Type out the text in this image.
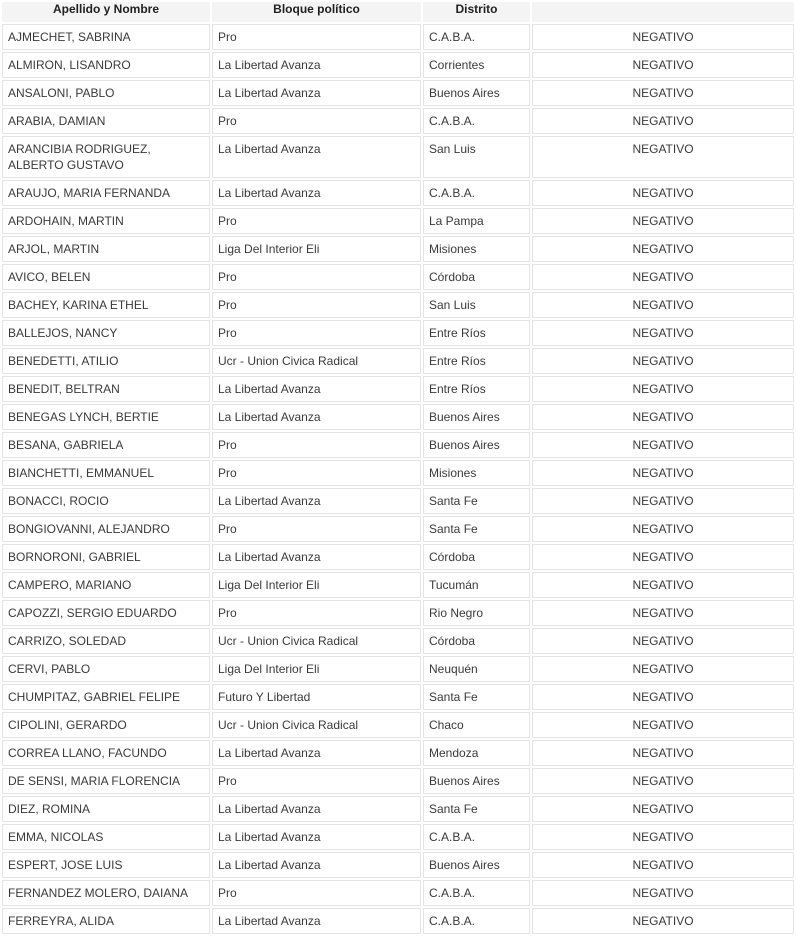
Apellido y Nombre	Bloque político	Distrito	
AJMECHET, SABRINA	Pro	C.A.B.A.	NEGATIVO
ALMIRON, LISANDRO	La Libertad Avanza	Corrientes	NEGATIVO
ANSALONI, PABLO	La Libertad Avanza	Buenos Aires	NEGATIVO
ARABIA, DAMIAN	Pro	C.A.B.A.	NEGATIVO
ARANCIBIA RODRIGUEZ, ALBERTO GUSTAVO	La Libertad Avanza	San Luis	NEGATIVO
ARAUJO, MARIA FERNANDA	La Libertad Avanza	C.A.B.A.	NEGATIVO
ARDOHAIN, MARTIN	Pro	La Pampa	NEGATIVO
ARJOL, MARTIN	Liga Del Interior Eli	Misiones	NEGATIVO
AVICO, BELEN	Pro	Córdoba	NEGATIVO
BACHEY, KARINA ETHEL	Pro	San Luis	NEGATIVO
BALLEJOS, NANCY	Pro	Entre Ríos	NEGATIVO
BENEDETTI, ATILIO	Ucr - Union Civica Radical	Entre Ríos	NEGATIVO
BENEDIT, BELTRAN	La Libertad Avanza	Entre Ríos	NEGATIVO
BENEGAS LYNCH, BERTIE	La Libertad Avanza	Buenos Aires	NEGATIVO
BESANA, GABRIELA	Pro	Buenos Aires	NEGATIVO
BIANCHETTI, EMMANUEL	Pro	Misiones	NEGATIVO
BONACCI, ROCIO	La Libertad Avanza	Santa Fe	NEGATIVO
BONGIOVANNI, ALEJANDRO	Pro	Santa Fe	NEGATIVO
BORNORONI, GABRIEL	La Libertad Avanza	Córdoba	NEGATIVO
CAMPERO, MARIANO	Liga Del Interior Eli	Tucumán	NEGATIVO
CAPOZZI, SERGIO EDUARDO	Pro	Rio Negro	NEGATIVO
CARRIZO, SOLEDAD	Ucr - Union Civica Radical	Córdoba	NEGATIVO
CERVI, PABLO	Liga Del Interior Eli	Neuquén	NEGATIVO
CHUMPITAZ, GABRIEL FELIPE	Futuro Y Libertad	Santa Fe	NEGATIVO
CIPOLINI, GERARDO	Ucr - Union Civica Radical	Chaco	NEGATIVO
CORREA LLANO, FACUNDO	La Libertad Avanza	Mendoza	NEGATIVO
DE SENSI, MARIA FLORENCIA	Pro	Buenos Aires	NEGATIVO
DIEZ, ROMINA	La Libertad Avanza	Santa Fe	NEGATIVO
EMMA, NICOLAS	La Libertad Avanza	C.A.B.A.	NEGATIVO
ESPERT, JOSE LUIS	La Libertad Avanza	Buenos Aires	NEGATIVO
FERNANDEZ MOLERO, DAIANA	Pro	C.A.B.A.	NEGATIVO
FERREYRA, ALIDA	La Libertad Avanza	C.A.B.A.	NEGATIVO
